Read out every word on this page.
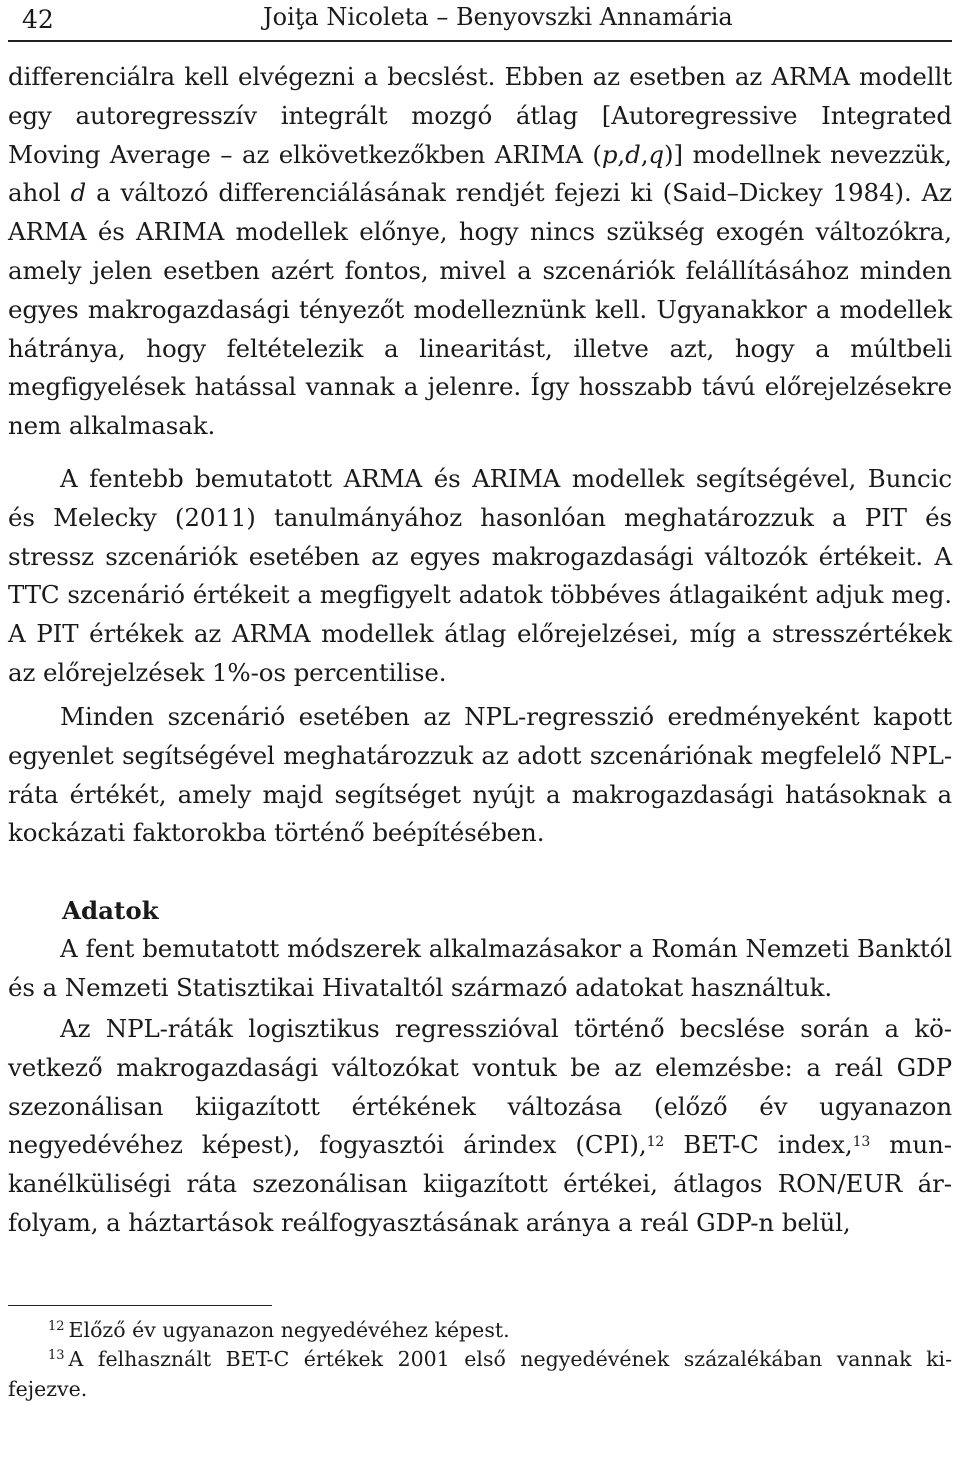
42	Joiţa Nicoleta – Benyovszki Annamária

differenciálra kell elvégezni a becslést. Ebben az esetben az ARMA modellt egy autoregresszív integrált mozgó átlag [Autoregressive Integrated Moving Average – az elkövetkezőkben ARIMA (p,d,q)] modellnek nevezzük, ahol d a változó differenciálásának rendjét fejezi ki (Said–Dickey 1984). Az ARMA és ARIMA modellek előnye, hogy nincs szükség exogén változókra, amely jelen esetben azért fontos, mivel a szcenáriók felállításához minden egyes makrogazdasági tényezőt modelleznünk kell. Ugyanakkor a modellek hátránya, hogy feltételezik a linearitást, illetve azt, hogy a múltbeli megfigyelések hatással vannak a jelenre. Így hosszabb távú előrejelzésekre nem alkalmasak.

A fentebb bemutatott ARMA és ARIMA modellek segítségével, Buncic és Melecky (2011) tanulmányához hasonlóan meghatározzuk a PIT és stressz szcenáriók esetében az egyes makrogazdasági változók értékeit. A TTC szcenárió értékeit a megfigyelt adatok többéves átlagaiként adjuk meg. A PIT értékek az ARMA modellek átlag előrejelzései, míg a stresszértékek az előrejelzések 1%-os percentilise.

Minden szcenárió esetében az NPL-regresszió eredményeként kapott egyenlet segítségével meghatározzuk az adott szcenáriónak megfelelő NPL-ráta értékét, amely majd segítséget nyújt a makrogazdasági hatásoknak a kockázati faktorokba történő beépítésében.

Adatok

A fent bemutatott módszerek alkalmazásakor a Román Nemzeti Banktól és a Nemzeti Statisztikai Hivataltól származó adatokat használtuk.

Az NPL-ráták logisztikus regresszióval történő becslése során a következő makrogazdasági változókat vontuk be az elemzésbe: a reál GDP szezonálisan kiigazított értékének változása (előző év ugyanazon negyedévéhez képest), fogyasztói árindex (CPI),$^{12}$ BET-C index,$^{13}$ munkanélküliségi ráta szezonálisan kiigazított értékei, átlagos RON/EUR árfolyam, a háztartások reálfogyasztásának aránya a reál GDP-n belül,

$^{12}$ Előző év ugyanazon negyedévéhez képest.

$^{13}$ A felhasznált BET-C értékek 2001 első negyedévének százalékában vannak kifejezve.
